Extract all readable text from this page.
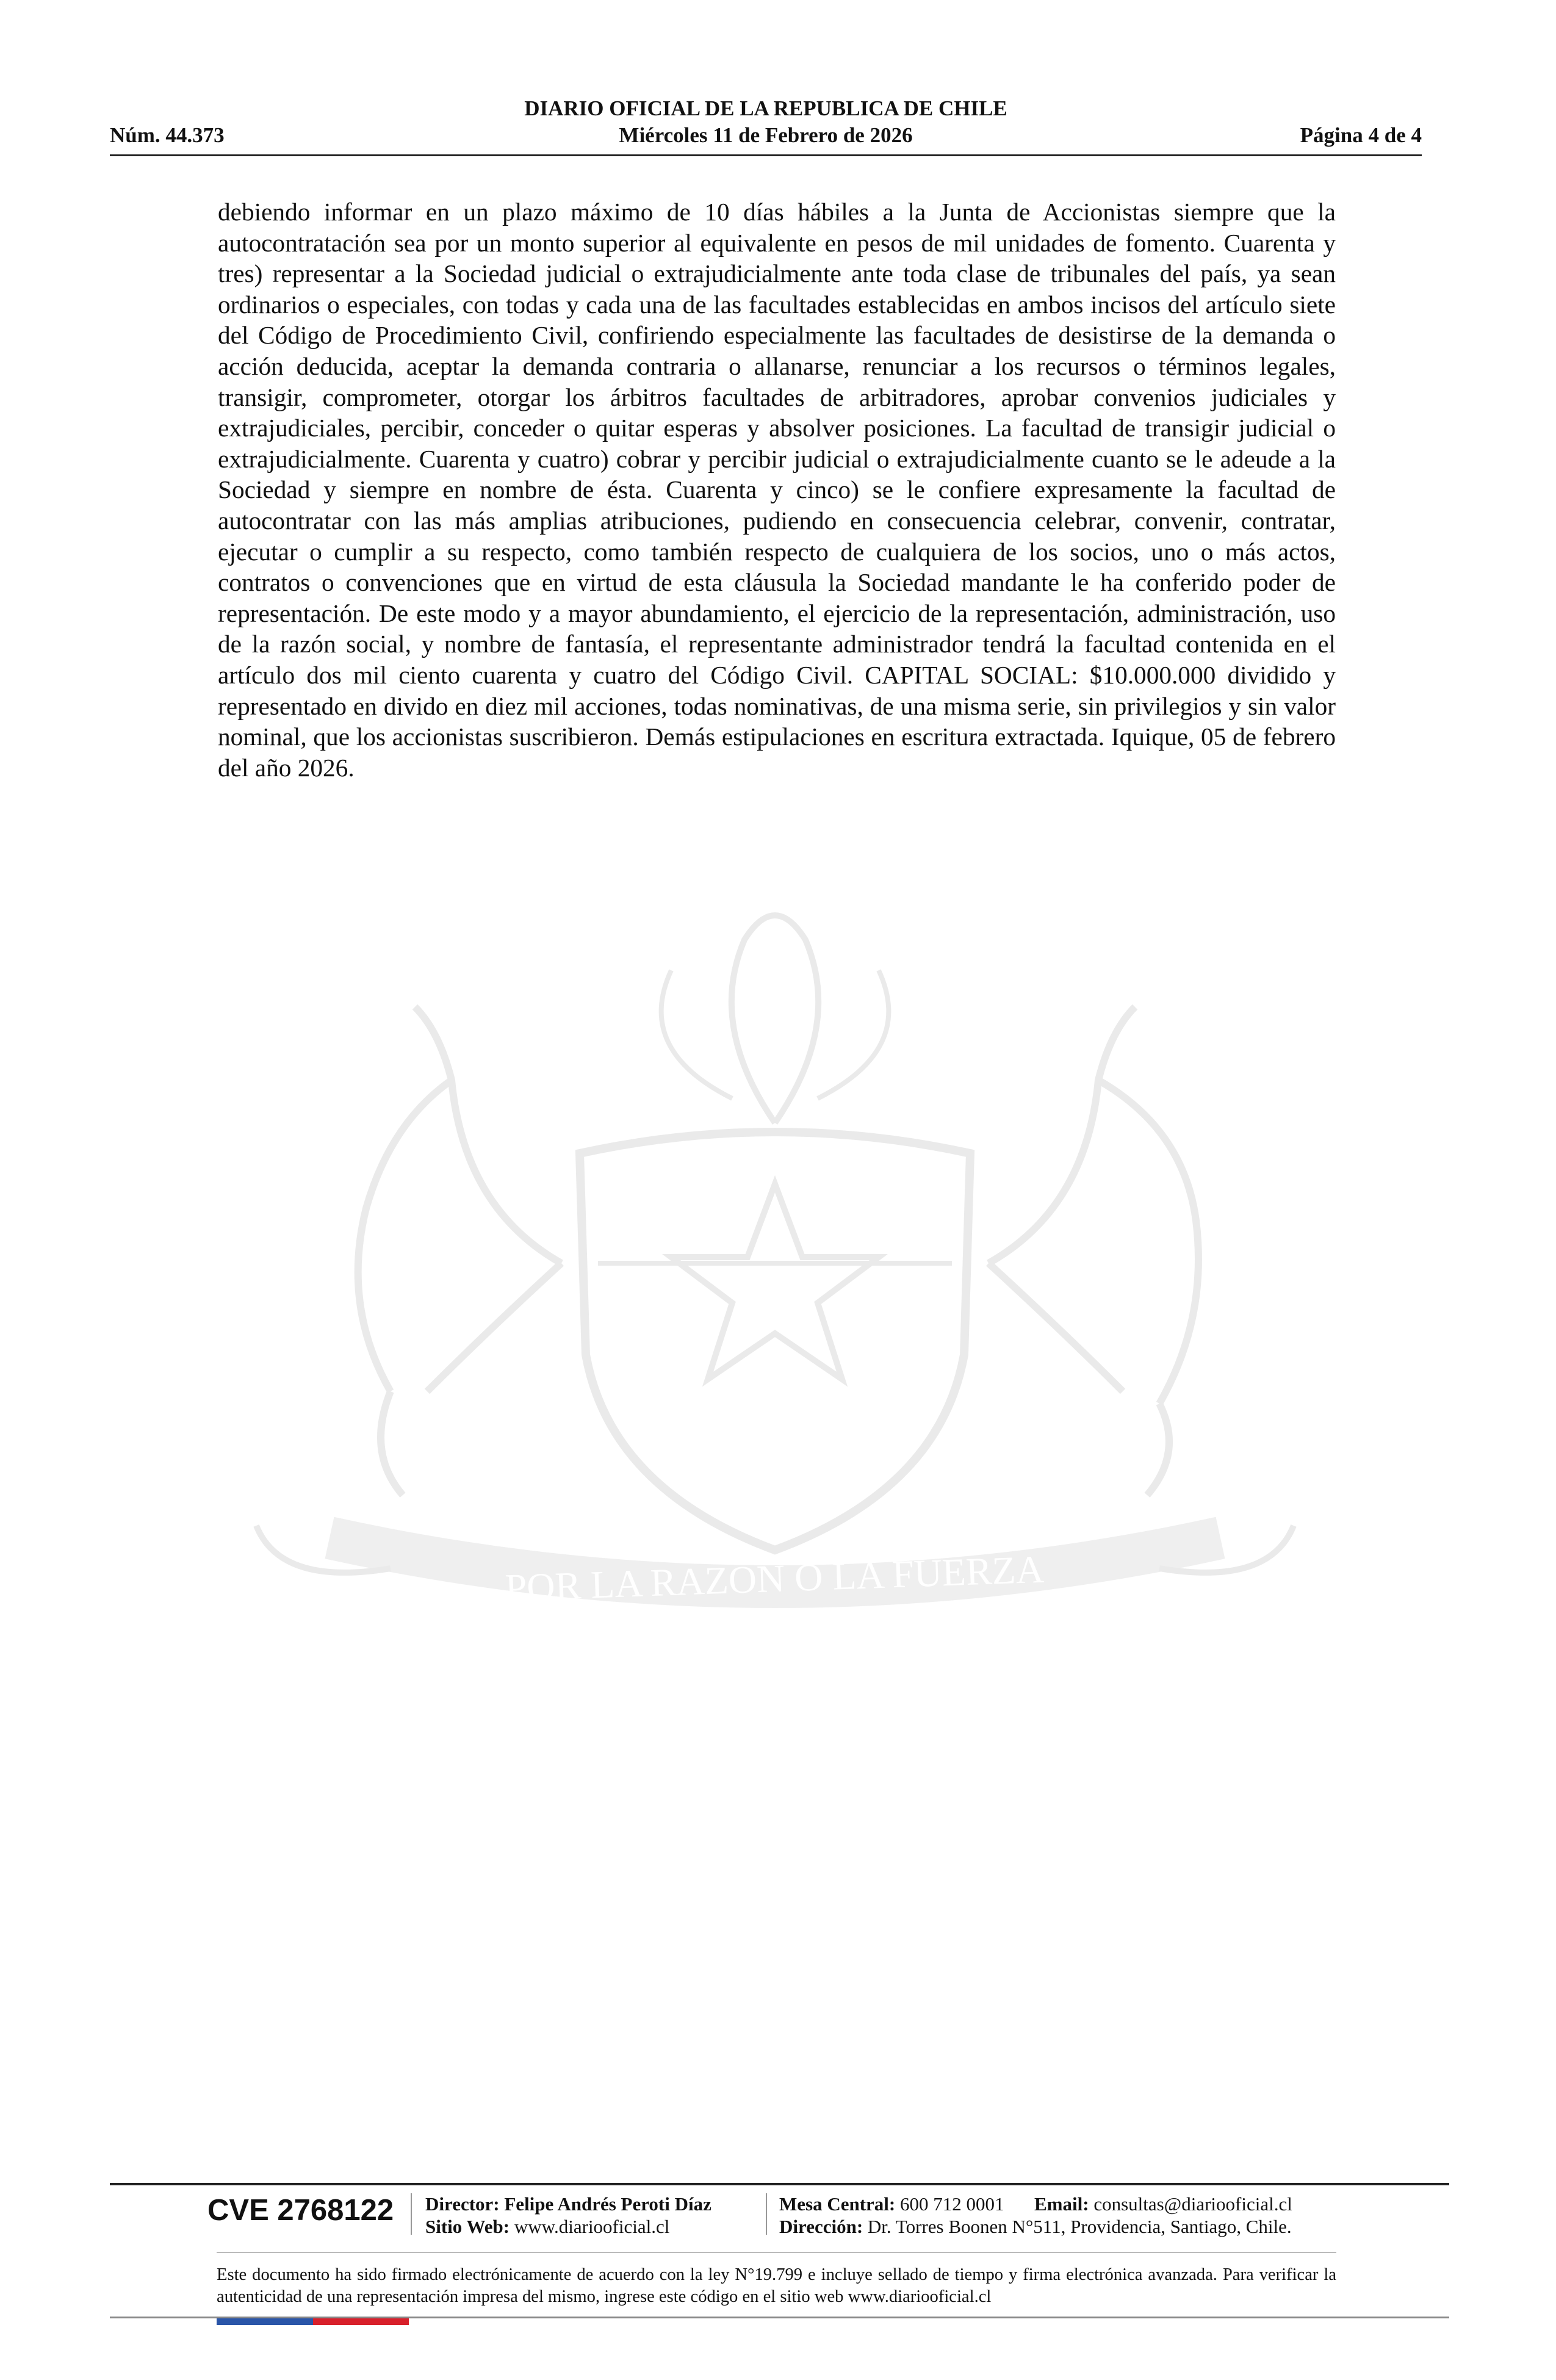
DIARIO OFICIAL DE LA REPUBLICA DE CHILE
Núm. 44.373	Miércoles 11 de Febrero de 2026	Página 4 de 4
debiendo informar en un plazo máximo de 10 días hábiles a la Junta de Accionistas siempre que la autocontratación sea por un monto superior al equivalente en pesos de mil unidades de fomento. Cuarenta y tres) representar a la Sociedad judicial o extrajudicialmente ante toda clase de tribunales del país, ya sean ordinarios o especiales, con todas y cada una de las facultades establecidas en ambos incisos del artículo siete del Código de Procedimiento Civil, confiriendo especialmente las facultades de desistirse de la demanda o acción deducida, aceptar la demanda contraria o allanarse, renunciar a los recursos o términos legales, transigir, comprometer, otorgar los árbitros facultades de arbitradores, aprobar convenios judiciales y extrajudiciales, percibir, conceder o quitar esperas y absolver posiciones. La facultad de transigir judicial o extrajudicialmente. Cuarenta y cuatro) cobrar y percibir judicial o extrajudicialmente cuanto se le adeude a la Sociedad y siempre en nombre de ésta. Cuarenta y cinco) se le confiere expresamente la facultad de autocontratar con las más amplias atribuciones, pudiendo en consecuencia celebrar, convenir, contratar, ejecutar o cumplir a su respecto, como también respecto de cualquiera de los socios, uno o más actos, contratos o convenciones que en virtud de esta cláusula la Sociedad mandante le ha conferido poder de representación. De este modo y a mayor abundamiento, el ejercicio de la representación, administración, uso de la razón social, y nombre de fantasía, el representante administrador tendrá la facultad contenida en el artículo dos mil ciento cuarenta y cuatro del Código Civil. CAPITAL SOCIAL: $10.000.000 dividido y representado en divido en diez mil acciones, todas nominativas, de una misma serie, sin privilegios y sin valor nominal, que los accionistas suscribieron. Demás estipulaciones en escritura extractada. Iquique, 05 de febrero del año 2026.
POR LA RAZÓN O LA FUERZA
CVE 2768122 Director: Felipe Andrés Peroti Díaz
Sitio Web: www.diariooficial.cl
Mesa Central: 600 712 0001 Email: consultas@diariooficial.cl
Dirección: Dr. Torres Boonen N°511, Providencia, Santiago, Chile.
Este documento ha sido firmado electrónicamente de acuerdo con la ley N°19.799 e incluye sellado de tiempo y firma electrónica avanzada. Para verificar la autenticidad de una representación impresa del mismo, ingrese este código en el sitio web www.diariooficial.cl
